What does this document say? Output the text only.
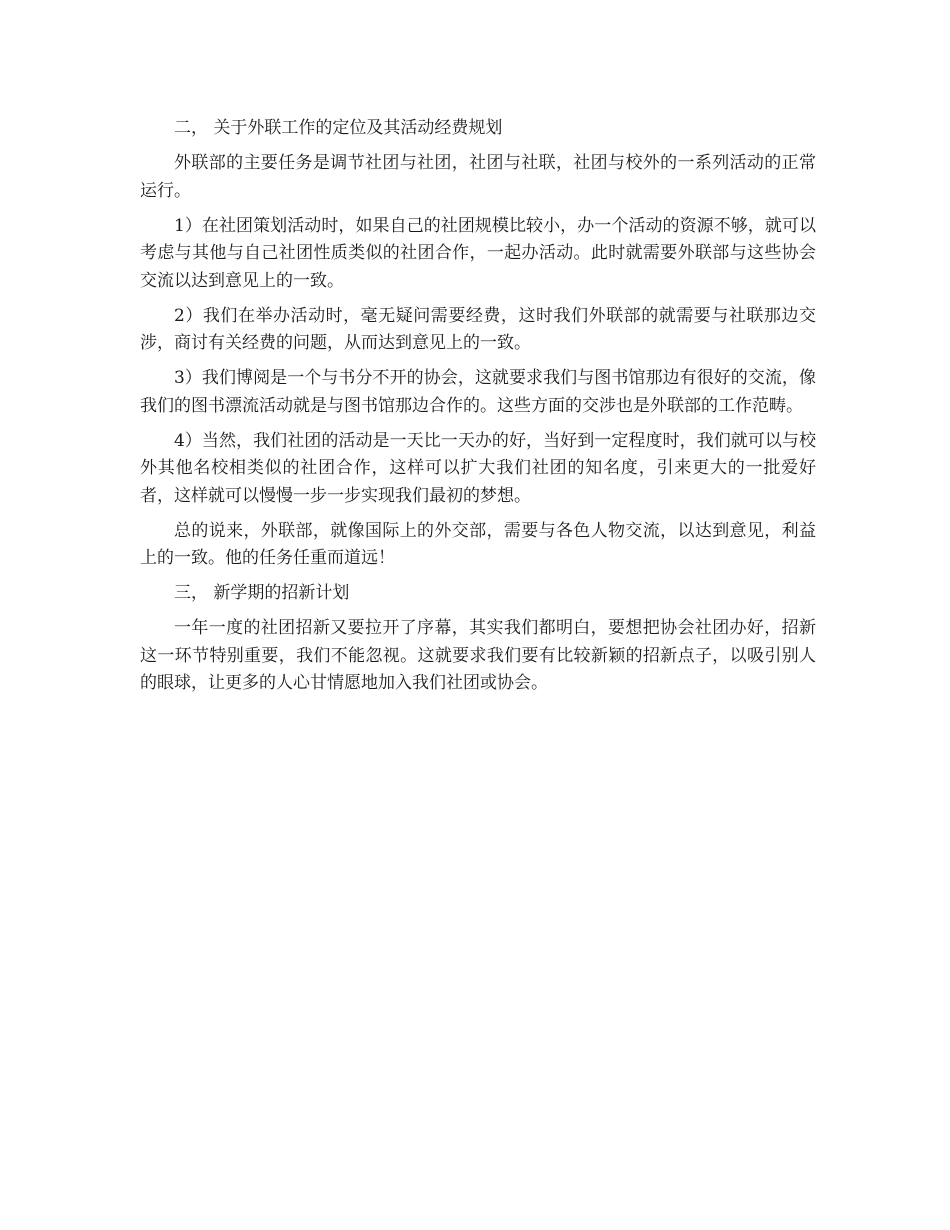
二， 关于外联工作的定位及其活动经费规划

外联部的主要任务是调节社团与社团，社团与社联，社团与校外的一系列活动的正常运行。

1）在社团策划活动时，如果自己的社团规模比较小，办一个活动的资源不够，就可以考虑与其他与自己社团性质类似的社团合作，一起办活动。此时就需要外联部与这些协会交流以达到意见上的一致。

2）我们在举办活动时，毫无疑问需要经费，这时我们外联部的就需要与社联那边交涉，商讨有关经费的问题，从而达到意见上的一致。

3）我们博阅是一个与书分不开的协会，这就要求我们与图书馆那边有很好的交流，像我们的图书漂流活动就是与图书馆那边合作的。这些方面的交涉也是外联部的工作范畴。

4）当然，我们社团的活动是一天比一天办的好，当好到一定程度时，我们就可以与校外其他名校相类似的社团合作，这样可以扩大我们社团的知名度，引来更大的一批爱好者，这样就可以慢慢一步一步实现我们最初的梦想。

总的说来，外联部，就像国际上的外交部，需要与各色人物交流，以达到意见，利益上的一致。他的任务任重而道远！

三， 新学期的招新计划

一年一度的社团招新又要拉开了序幕，其实我们都明白，要想把协会社团办好，招新这一环节特别重要，我们不能忽视。这就要求我们要有比较新颖的招新点子，以吸引别人的眼球，让更多的人心甘情愿地加入我们社团或协会。
